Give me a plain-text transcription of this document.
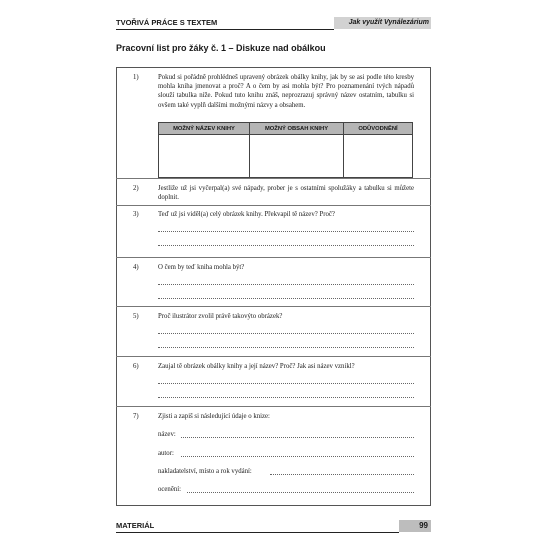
TVOŘIVÁ PRÁCE S TEXTEM	Jak využít Vynálezárium
Pracovní list pro žáky č. 1 – Diskuze nad obálkou
1)	Pokud si pořádně prohlédneš upravený obrázek obálky knihy, jak by se asi podle této kresby mohla kniha jmenovat a proč? A o čem by asi mohla být? Pro poznamenání tvých nápadů slouží tabulka níže. Pokud tuto knihu znáš, neprozrazuj správný název ostatním, tabulku si ovšem také vyplň dalšími možnými názvy a obsahem.
MOŽNÝ NÁZEV KNIHY	MOŽNÝ OBSAH KNIHY	ODŮVODNĚNÍ

2)	Jestliže už jsi vyčerpal(a) své nápady, prober je s ostatními spolužáky a tabulku si můžete doplnit.
3)	Teď už jsi viděl(a) celý obrázek knihy. Překvapil tě název? Proč?
4)	O čem by teď kniha mohla být?
5)	Proč ilustrátor zvolil právě takovýto obrázek?
6)	Zaujal tě obrázek obálky knihy a její název? Proč? Jak asi název vznikl?
7)	Zjisti a zapiš si následující údaje o knize:
název:
autor:
nakladatelství, místo a rok vydání:
ocenění:
MATERIÁL	99
